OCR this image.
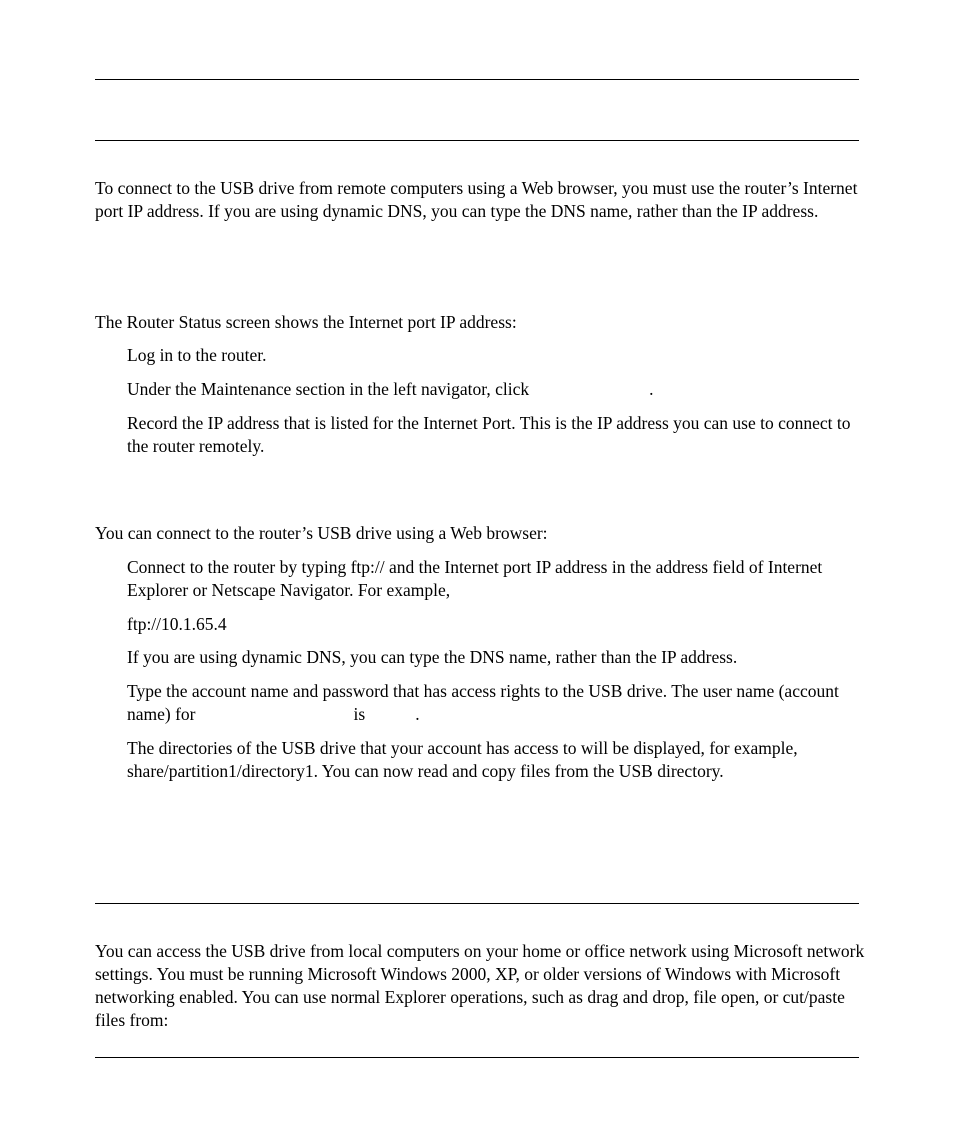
To connect to the USB drive from remote computers using a Web browser, you must use the router’s Internet port IP address. If you are using dynamic DNS, you can type the DNS name, rather than the IP address.

The Router Status screen shows the Internet port IP address:

Log in to the router.

Under the Maintenance section in the left navigator, click	.

Record the IP address that is listed for the Internet Port. This is the IP address you can use to connect to the router remotely.

You can connect to the router’s USB drive using a Web browser:

Connect to the router by typing ftp:// and the Internet port IP address in the address field of Internet Explorer or Netscape Navigator. For example,

ftp://10.1.65.4

If you are using dynamic DNS, you can type the DNS name, rather than the IP address.

Type the account name and password that has access rights to the USB drive. The user name (account name) for	is	.

The directories of the USB drive that your account has access to will be displayed, for example, share/partition1/directory1. You can now read and copy files from the USB directory.

You can access the USB drive from local computers on your home or office network using Microsoft network settings. You must be running Microsoft Windows 2000, XP, or older versions of Windows with Microsoft networking enabled. You can use normal Explorer operations, such as drag and drop, file open, or cut/paste files from:
